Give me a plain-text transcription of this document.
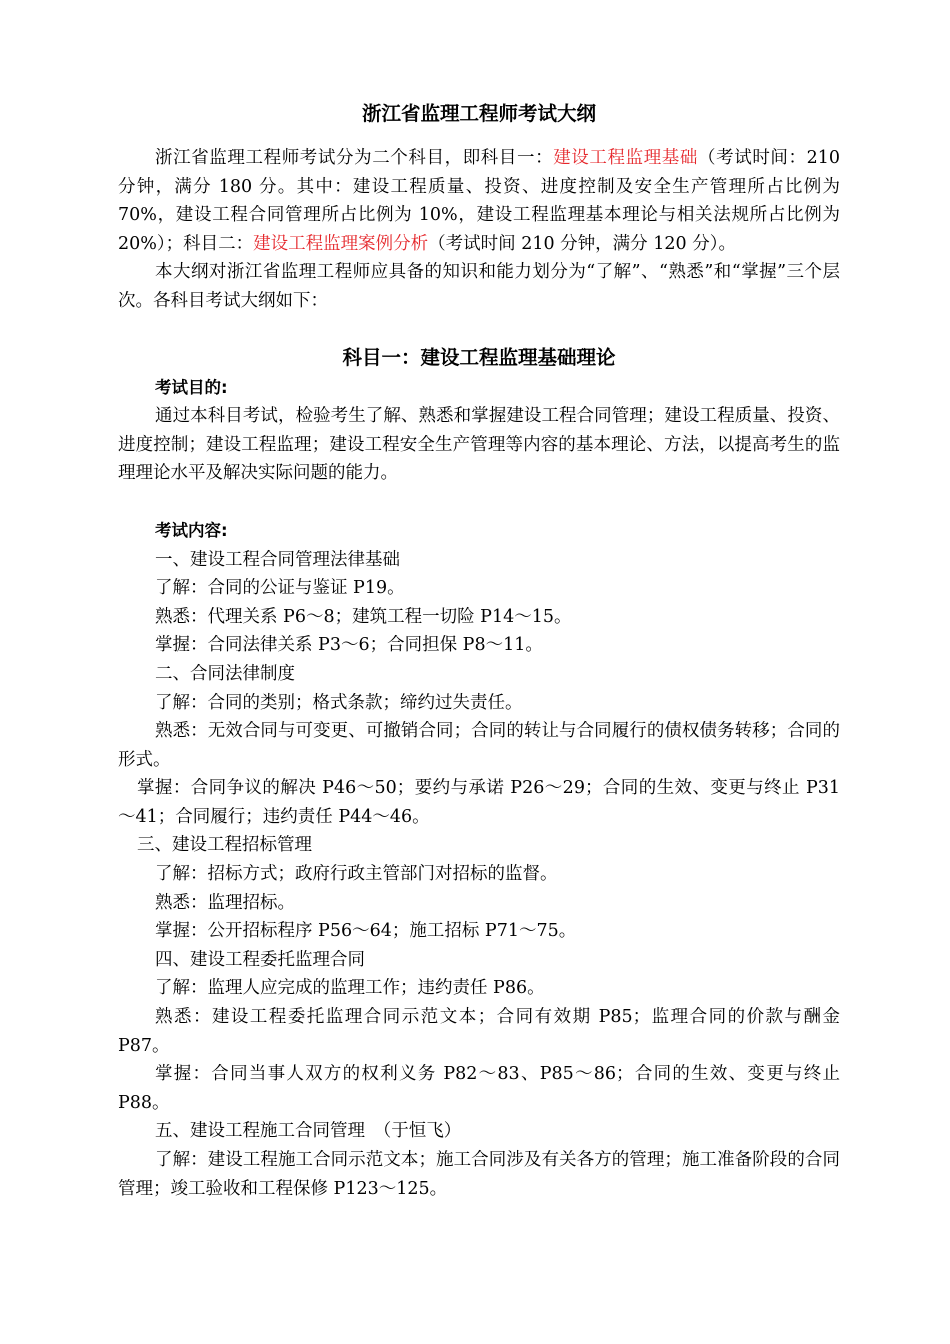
浙江省监理工程师考试大纲

浙江省监理工程师考试分为二个科目，即科目一：建设工程监理基础（考试时间：210 分钟，满分 180 分。其中：建设工程质量、投资、进度控制及安全生产管理所占比例为 70%，建设工程合同管理所占比例为 10%，建设工程监理基本理论与相关法规所占比例为 20%）；科目二：建设工程监理案例分析（考试时间 210 分钟，满分 120 分）。

本大纲对浙江省监理工程师应具备的知识和能力划分为“了解”、“熟悉”和“掌握”三个层次。各科目考试大纲如下：

科目一：建设工程监理基础理论

考试目的:

通过本科目考试，检验考生了解、熟悉和掌握建设工程合同管理；建设工程质量、投资、进度控制；建设工程监理；建设工程安全生产管理等内容的基本理论、方法，以提高考生的监理理论水平及解决实际问题的能力。

考试内容:

一、建设工程合同管理法律基础

了解：合同的公证与鉴证 P19。

熟悉：代理关系 P6～8；建筑工程一切险 P14～15。

掌握：合同法律关系 P3～6；合同担保 P8～11。

二、合同法律制度

了解：合同的类别；格式条款；缔约过失责任。

熟悉：无效合同与可变更、可撤销合同；合同的转让与合同履行的债权债务转移；合同的形式。

掌握：合同争议的解决 P46～50；要约与承诺 P26～29；合同的生效、变更与终止 P31～41；合同履行；违约责任 P44～46。

三、建设工程招标管理

了解：招标方式；政府行政主管部门对招标的监督。

熟悉：监理招标。

掌握：公开招标程序 P56～64；施工招标 P71～75。

四、建设工程委托监理合同

了解：监理人应完成的监理工作；违约责任 P86。

熟悉：建设工程委托监理合同示范文本；合同有效期 P85；监理合同的价款与酬金 P87。

掌握：合同当事人双方的权利义务 P82～83、P85～86；合同的生效、变更与终止 P88。

五、建设工程施工合同管理　（于恒飞）

了解：建设工程施工合同示范文本；施工合同涉及有关各方的管理；施工准备阶段的合同管理；竣工验收和工程保修 P123～125。
